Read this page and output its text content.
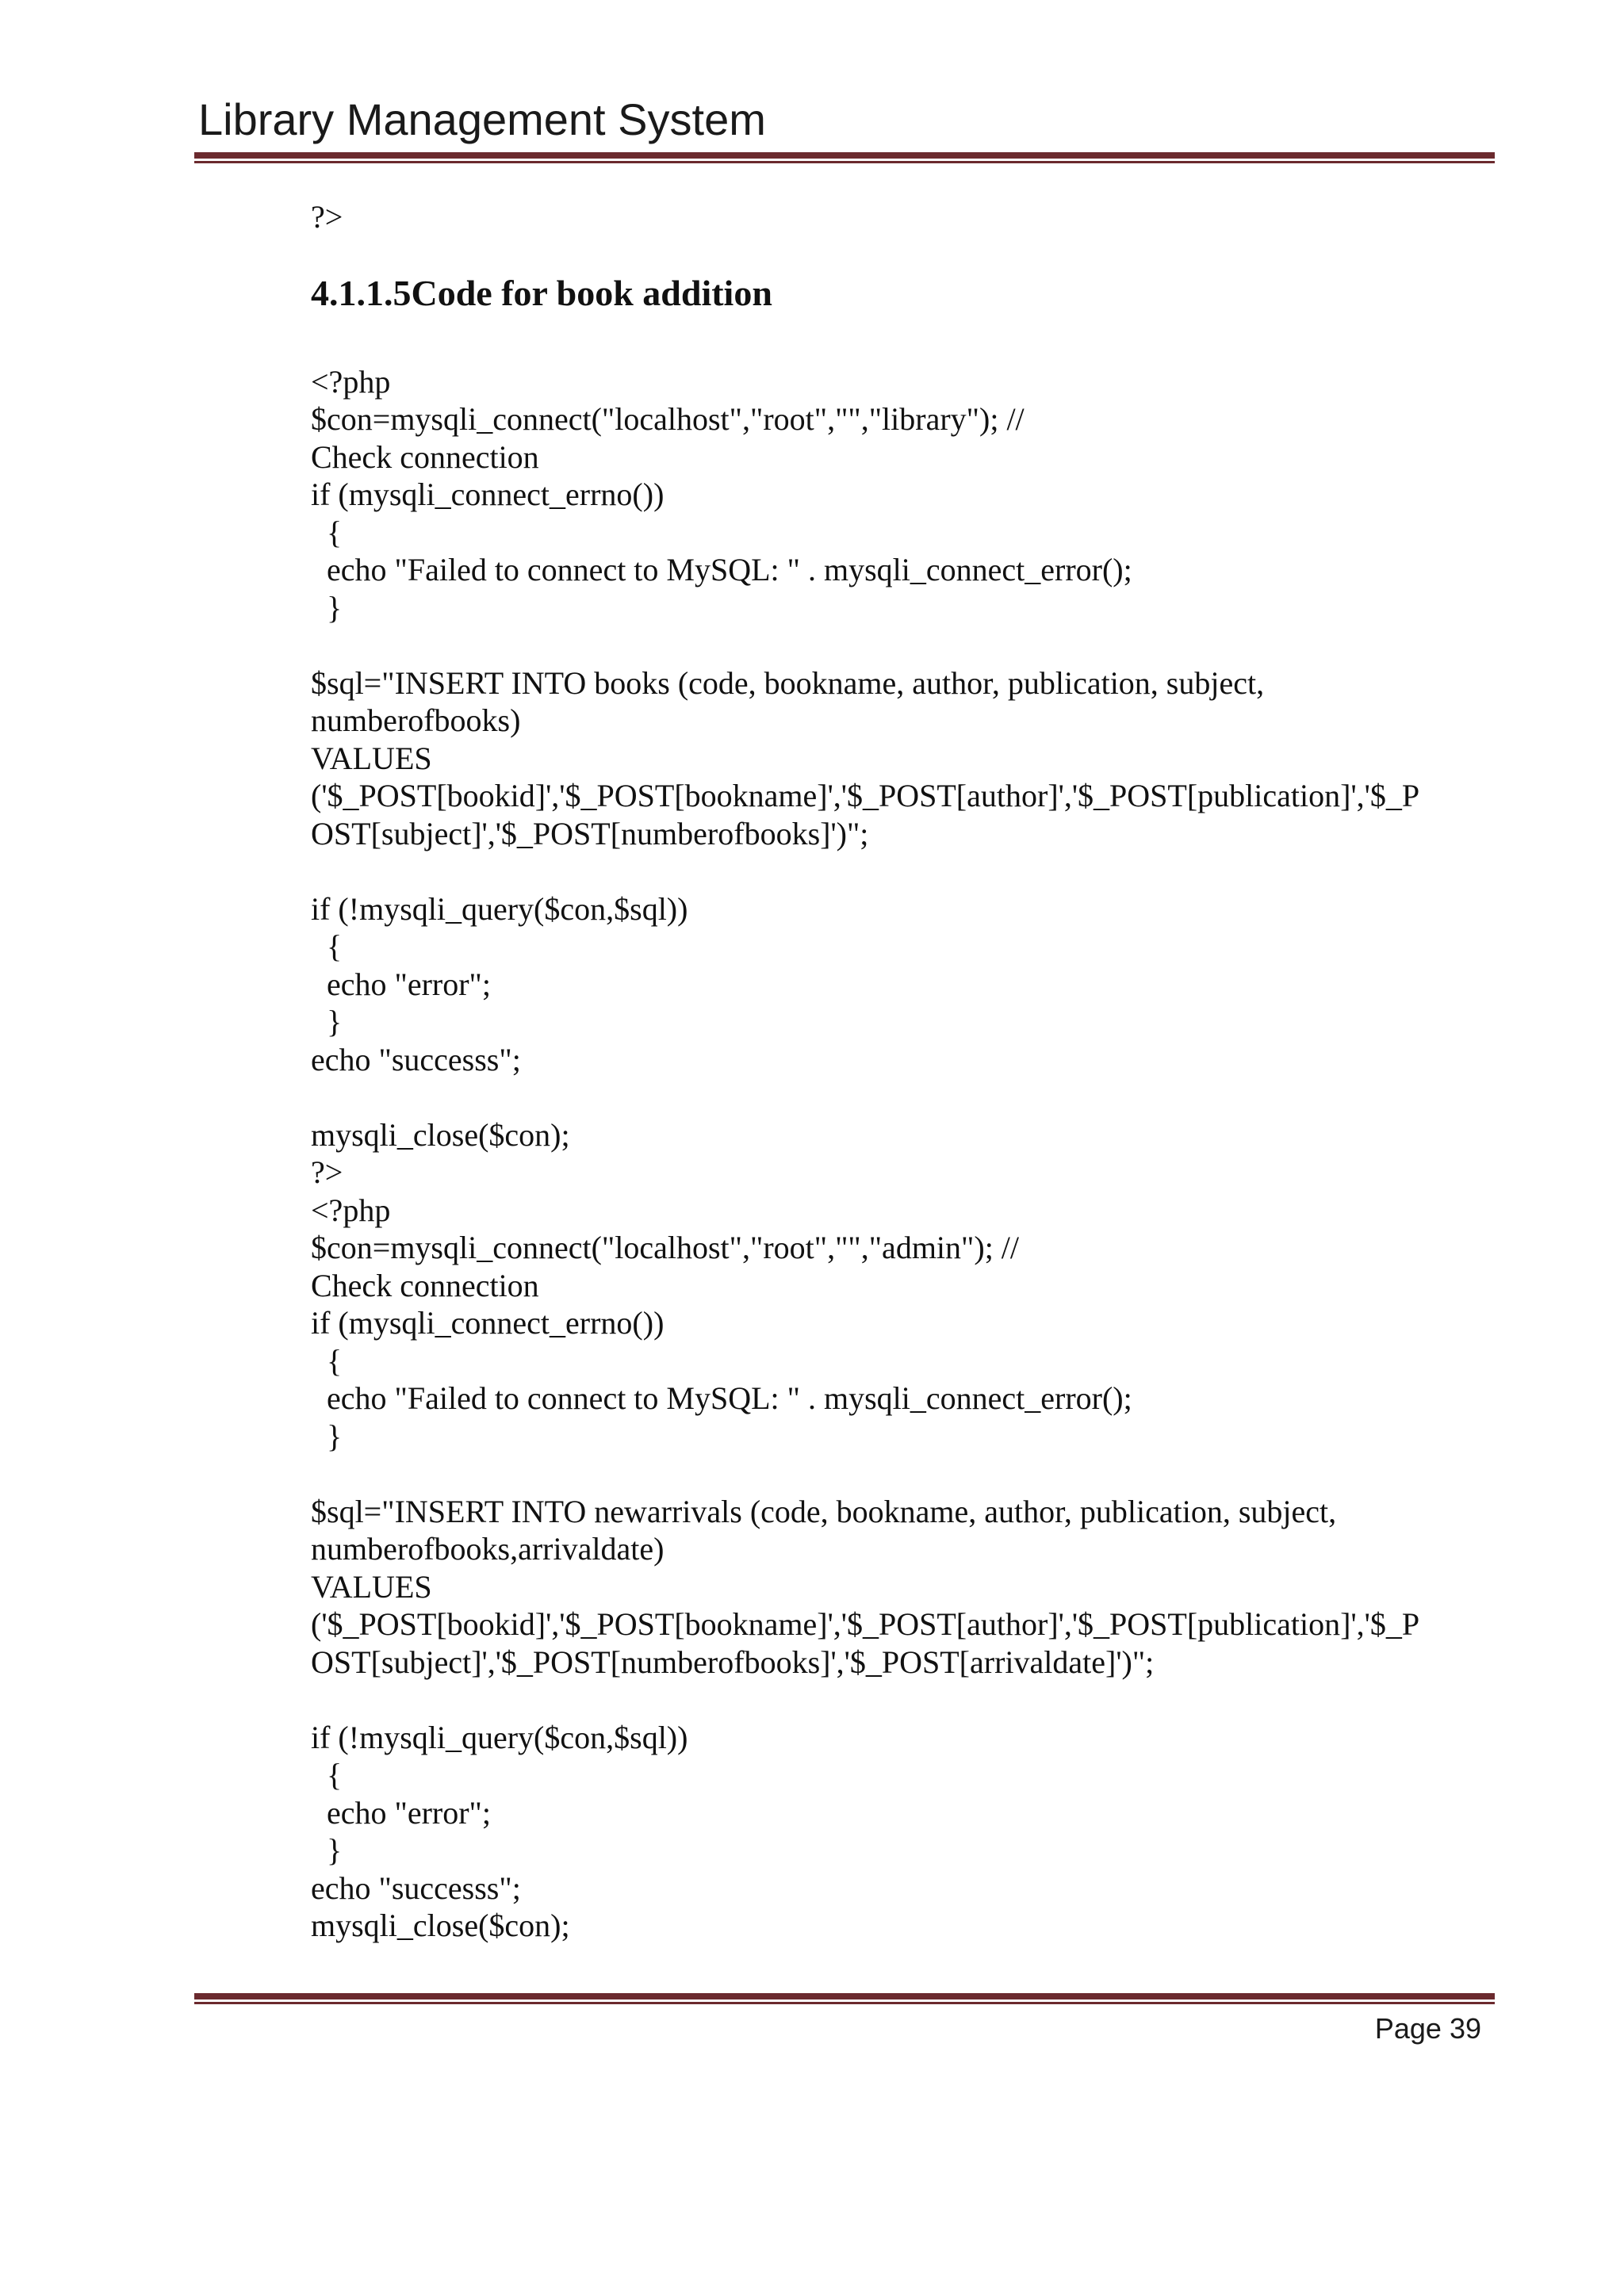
Library Management System
?>
4.1.1.5Code for book addition
<?php
$con=mysqli_connect("localhost","root","","library"); //
Check connection
if (mysqli_connect_errno())
{
echo "Failed to connect to MySQL: " . mysqli_connect_error();
}
$sql="INSERT INTO books (code, bookname, author, publication, subject,
numberofbooks)
VALUES
('$_POST[bookid]','$_POST[bookname]','$_POST[author]','$_POST[publication]','$_P
OST[subject]','$_POST[numberofbooks]')";
if (!mysqli_query($con,$sql))
{
echo "error";
}
echo "successs";
mysqli_close($con);
?>
<?php
$con=mysqli_connect("localhost","root","","admin"); //
Check connection
if (mysqli_connect_errno())
{
echo "Failed to connect to MySQL: " . mysqli_connect_error();
}
$sql="INSERT INTO newarrivals (code, bookname, author, publication, subject,
numberofbooks,arrivaldate)
VALUES
('$_POST[bookid]','$_POST[bookname]','$_POST[author]','$_POST[publication]','$_P
OST[subject]','$_POST[numberofbooks]','$_POST[arrivaldate]')";
if (!mysqli_query($con,$sql))
{
echo "error";
}
echo "successs";
mysqli_close($con);
Page 39
